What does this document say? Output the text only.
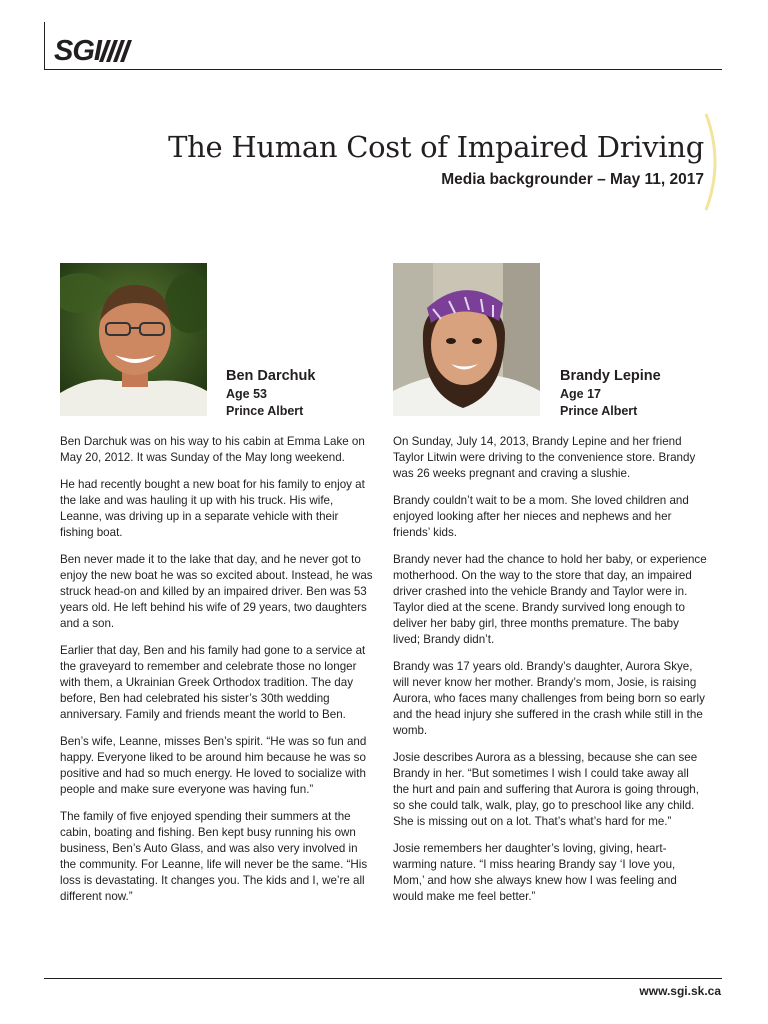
SGI
The Human Cost of Impaired Driving
Media backgrounder – May 11, 2017
Ben Darchuk
Age 53
Prince Albert
Brandy Lepine
Age 17
Prince Albert

Ben Darchuk was on his way to his cabin at Emma Lake on May 20, 2012. It was Sunday of the May long weekend.

He had recently bought a new boat for his family to enjoy at the lake and was hauling it up with his truck. His wife, Leanne, was driving up in a separate vehicle with their fishing boat.

Ben never made it to the lake that day, and he never got to enjoy the new boat he was so excited about. Instead, he was struck head-on and killed by an impaired driver. Ben was 53 years old. He left behind his wife of 29 years, two daughters and a son.

Earlier that day, Ben and his family had gone to a service at the graveyard to remember and celebrate those no longer with them, a Ukrainian Greek Orthodox tradition. The day before, Ben had celebrated his sister’s 30th wedding anniversary. Family and friends meant the world to Ben.

Ben’s wife, Leanne, misses Ben’s spirit. “He was so fun and happy. Everyone liked to be around him because he was so positive and had so much energy. He loved to socialize with people and make sure everyone was having fun.”

The family of five enjoyed spending their summers at the cabin, boating and fishing. Ben kept busy running his own business, Ben’s Auto Glass, and was also very involved in the community. For Leanne, life will never be the same. “His loss is devastating. It changes you. The kids and I, we’re all different now.”

On Sunday, July 14, 2013, Brandy Lepine and her friend Taylor Litwin were driving to the convenience store. Brandy was 26 weeks pregnant and craving a slushie.

Brandy couldn’t wait to be a mom. She loved children and enjoyed looking after her nieces and nephews and her friends’ kids.

Brandy never had the chance to hold her baby, or experience motherhood. On the way to the store that day, an impaired driver crashed into the vehicle Brandy and Taylor were in. Taylor died at the scene. Brandy survived long enough to deliver her baby girl, three months premature. The baby lived; Brandy didn’t.

Brandy was 17 years old. Brandy’s daughter, Aurora Skye, will never know her mother. Brandy’s mom, Josie, is raising Aurora, who faces many challenges from being born so early and the head injury she suffered in the crash while still in the womb.

Josie describes Aurora as a blessing, because she can see Brandy in her. “But sometimes I wish I could take away all the hurt and pain and suffering that Aurora is going through, so she could talk, walk, play, go to preschool like any child. She is missing out on a lot. That’s what’s hard for me.”

Josie remembers her daughter’s loving, giving, heart-warming nature. “I miss hearing Brandy say ‘I love you, Mom,’ and how she always knew how I was feeling and would make me feel better.”

www.sgi.sk.ca
